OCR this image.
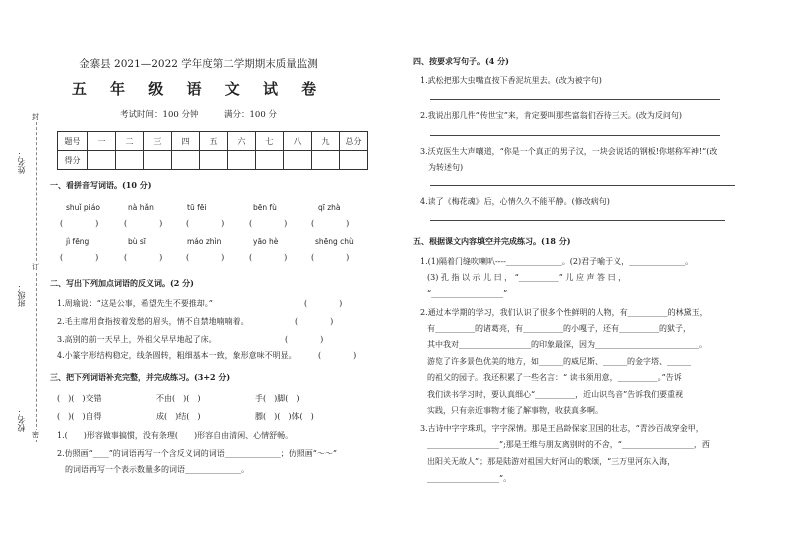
姓名：
班级：
校名：
封
订
密
金寨县 2021—2022 学年度第二学期期末质量监测
五 年 级 语 文 试 卷
考试时间：100 分钟　　　	满分：100 分
题号	一	二	三	四	五	六	七	八	九	总分
得分										
一、看拼音写词语。(10 分)
shuǐ piáo	nà hǎn	tū fēi	bēn fù	qī zhà
(　　　　)	(　　　　)	(　　　　)	(　　　　)	(　　　　)
jì fēng	bù sī	máo zhìn	yāo hè	shēng chù
(　　　　)	(　　　　)	(　　　　)	(　　　　)	(　　　　)
二、写出下列加点词语的反义词。(2 分)
1.周瑜说：“这是公事，希望先生不要推却。”	(　　　　)
2.毛主席用食指按着发愁的眉头，情不自禁地喃喃着。	(　　　　)
3.高别的前一天早上，外祖父早早地起了床。	(　　　　)
4.小篆字形结构稳定，线条圆转，粗细基本一致，象形意味不明显。	(　　　　)
三、把下列词语补充完整，并完成练习。(3+2 分)
(　)(　)交错	不由(　)(　)	手(　)脚(　)
(　)(　)自得	成(　)结(　)	膘(　)(　)体(　)
1.(　　)形容做事搞惯，没有条理(　　)形容自由清闲、心情舒畅。
2.仿照画“____”的词语再写一个含反义词的词语______________；仿照画“～～”
的词语再写一个表示数量多的词语______________。
四、按要求写句子。(4 分)
1.武松把那大虫嘴直按下香泥坑里去。(改为被字句)
2.我说出那几件“传世宝”来，肯定要叫那些富翁们吞待三天。(改为反问句)
3.沃克医生大声嚷道，“你是一个真正的男子汉，一块会说话的钢板!你堪称军神!”(改
为转述句)
4.读了《梅花魂》后，心情久久不能平静。(修改病句)
五、根据课文内容填空并完成练习。(18 分)
1.(1)隔着门缝吹喇叭----______________。(2)君子喻于义，______________。
(3) 孔 指 以 示 儿 曰 ， “__________” 儿 应 声 答 曰 ，
“__________________”
2.通过本学期的学习，我们认识了很多个性鲜明的人物，有__________的林黛玉，
有__________的诸葛亮，有__________的小嘎子，还有__________的狱子，
其中我对__________________的印象最深，因为__________________________。
游览了许多景色优美的地方，如______的威尼斯、______的金字塔、______
的祖父的园子。我还积累了一些名言：“ 读书须用意，__________。”告诉
我们读书学习时，要认真细心“__________，近山识鸟音”告诉我们要重视
实践，只有亲近事物才能了解事物，收获真多啊。
3.古诗中字字珠玑，字字深情。那是王昌龄保家卫国的壮志，“青沙百战穿金甲，
__________________”;那是王维与朋友离别时的不舍，“__________________，西
出阳关无故人”；那是陆游对祖国大好河山的歌颂，“三万里河东入海，
__________________”。
